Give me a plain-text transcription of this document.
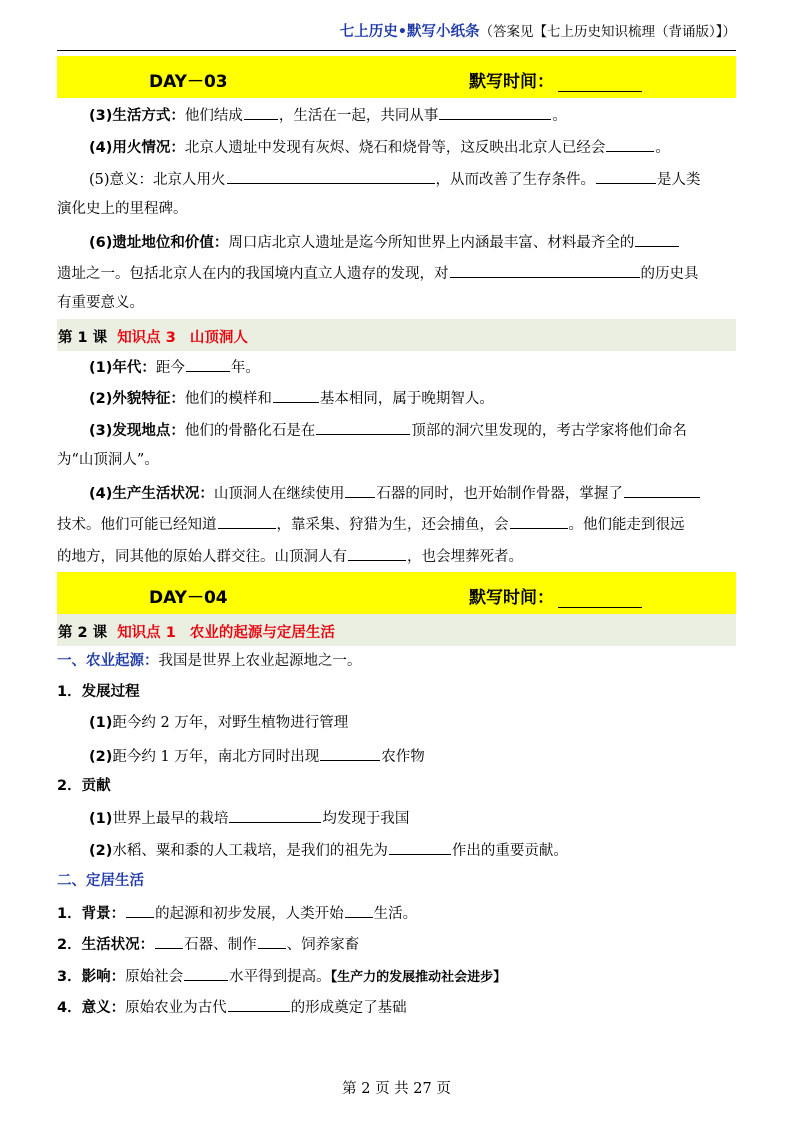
七上历史•默写小纸条（答案见【七上历史知识梳理（背诵版）】）
DAY－03	默写时间：
(3)生活方式：他们结成 ，生活在一起，共同从事	。
(4)用火情况：北京人遗址中发现有灰烬、烧石和烧骨等，这反映出北京人已经会	。
(5)意义：北京人用火	，从而改善了生存条件。	是人类
演化史上的里程碑。
(6)遗址地位和价值：周口店北京人遗址是迄今所知世界上内涵最丰富、材料最齐全的
遗址之一。包括北京人在内的我国境内直立人遗存的发现，对	的历史具
有重要意义。
第 1 课 知识点 3 山顶洞人
(1)年代：距今	年。
(2)外貌特征：他们的模样和	基本相同，属于晚期智人。
(3)发现地点：他们的骨骼化石是在	顶部的洞穴里发现的，考古学家将他们命名
为“山顶洞人”。
(4)生产生活状况：山顶洞人在继续使用 石器的同时，也开始制作骨器，掌握了
技术。他们可能已经知道	，靠采集、狩猎为生，还会捕鱼，会	。他们能走到很远
的地方，同其他的原始人群交往。山顶洞人有	，也会埋葬死者。
DAY－04	默写时间：
第 2 课 知识点 1 农业的起源与定居生活
一、农业起源：我国是世界上农业起源地之一。
1．发展过程
(1)距今约 2 万年，对野生植物进行管理
(2)距今约 1 万年，南北方同时出现	农作物
2．贡献
(1)世界上最早的栽培	均发现于我国
(2)水稻、粟和黍的人工栽培，是我们的祖先为	作出的重要贡献。
二、定居生活
1．背景： 的起源和初步发展，人类开始 生活。
2．生活状况： 石器、制作 、饲养家畜
3．影响：原始社会	水平得到提高。【生产力的发展推动社会进步】
4．意义：原始农业为古代	的形成奠定了基础
第 2 页 共 27 页
